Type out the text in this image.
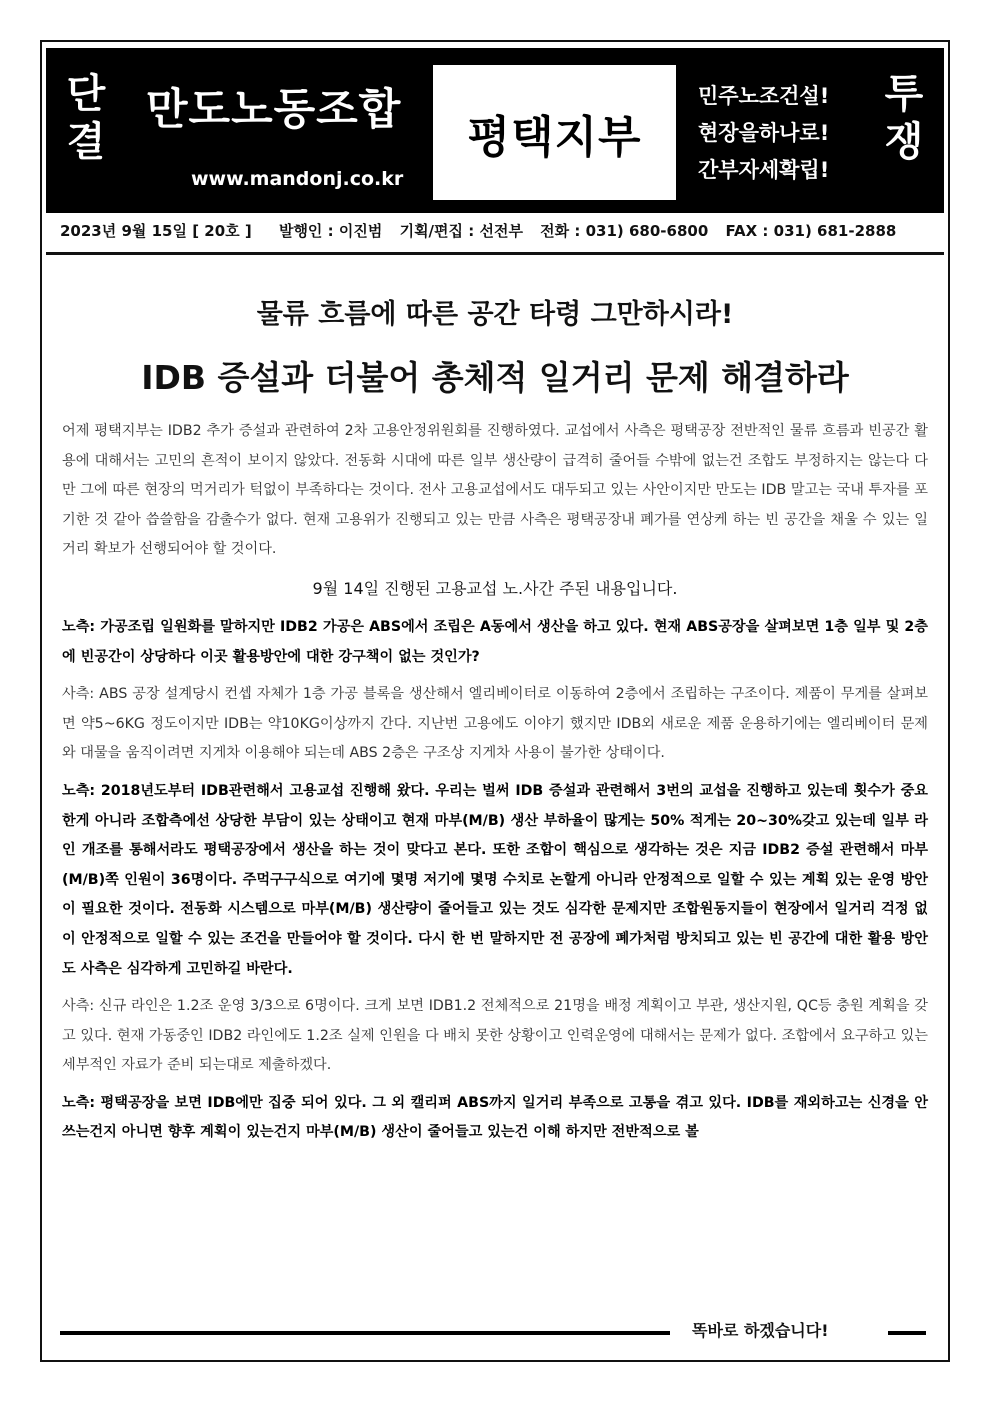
단
결
만도노동조합
www.mandonj.co.kr
평택지부
민주노조건설!
현장을하나로!
간부자세확립!
투
쟁
2023년 9월 15일 [ 20호 ] 발행인 : 이진범 기획/편집 : 선전부 전화 : 031) 680-6800 FAX : 031) 681-2888
물류 흐름에 따른 공간 타령 그만하시라!
IDB 증설과 더불어 총체적 일거리 문제 해결하라

어제 평택지부는 IDB2 추가 증설과 관련하여 2차 고용안정위원회를 진행하였다. 교섭에서 사측은 평택공장 전반적인 물류 흐름과 빈공간 활용에 대해서는 고민의 흔적이 보이지 않았다. 전동화 시대에 따른 일부 생산량이 급격히 줄어들 수밖에 없는건 조합도 부정하지는 않는다 다만 그에 따른 현장의 먹거리가 턱없이 부족하다는 것이다. 전사 고용교섭에서도 대두되고 있는 사안이지만 만도는 IDB 말고는 국내 투자를 포기한 것 같아 씁쓸함을 감출수가 없다. 현재 고용위가 진행되고 있는 만큼 사측은 평택공장내 폐가를 연상케 하는 빈 공간을 채울 수 있는 일거리 확보가 선행되어야 할 것이다.

9월 14일 진행된 고용교섭 노.사간 주된 내용입니다.

노측: 가공조립 일원화를 말하지만 IDB2 가공은 ABS에서 조립은 A동에서 생산을 하고 있다. 현재 ABS공장을 살펴보면 1층 일부 및 2층에 빈공간이 상당하다 이곳 활용방안에 대한 강구책이 없는 것인가?

사측: ABS 공장 설계당시 컨셉 자체가 1층 가공 블록을 생산해서 엘리베이터로 이동하여 2층에서 조립하는 구조이다. 제품이 무게를 살펴보면 약5~6KG 정도이지만 IDB는 약10KG이상까지 간다. 지난번 고용에도 이야기 했지만 IDB외 새로운 제품 운용하기에는 엘리베이터 문제와 대물을 움직이려면 지게차 이용해야 되는데 ABS 2층은 구조상 지게차 사용이 불가한 상태이다.

노측: 2018년도부터 IDB관련해서 고용교섭 진행해 왔다. 우리는 벌써 IDB 증설과 관련해서 3번의 교섭을 진행하고 있는데 횟수가 중요한게 아니라 조합측에선 상당한 부담이 있는 상태이고 현재 마부(M/B) 생산 부하율이 많게는 50% 적게는 20~30%갖고 있는데 일부 라인 개조를 통해서라도 평택공장에서 생산을 하는 것이 맞다고 본다. 또한 조합이 핵심으로 생각하는 것은 지금 IDB2 증설 관련해서 마부(M/B)쪽 인원이 36명이다. 주먹구구식으로 여기에 몇명 저기에 몇명 수치로 논할게 아니라 안정적으로 일할 수 있는 계획 있는 운영 방안이 필요한 것이다. 전동화 시스템으로 마부(M/B) 생산량이 줄어들고 있는 것도 심각한 문제지만 조합원동지들이 현장에서 일거리 걱정 없이 안정적으로 일할 수 있는 조건을 만들어야 할 것이다. 다시 한 번 말하지만 전 공장에 폐가처럼 방치되고 있는 빈 공간에 대한 활용 방안도 사측은 심각하게 고민하길 바란다.

사측: 신규 라인은 1.2조 운영 3/3으로 6명이다. 크게 보면 IDB1.2 전체적으로 21명을 배정 계획이고 부관, 생산지원, QC등 충원 계획을 갖고 있다. 현재 가동중인 IDB2 라인에도 1.2조 실제 인원을 다 배치 못한 상황이고 인력운영에 대해서는 문제가 없다. 조합에서 요구하고 있는 세부적인 자료가 준비 되는대로 제출하겠다.

노측: 평택공장을 보면 IDB에만 집중 되어 있다. 그 외 캘리퍼 ABS까지 일거리 부족으로 고통을 겪고 있다. IDB를 재외하고는 신경을 안 쓰는건지 아니면 향후 계획이 있는건지 마부(M/B) 생산이 줄어들고 있는건 이해 하지만 전반적으로 볼

똑바로 하겠습니다!
